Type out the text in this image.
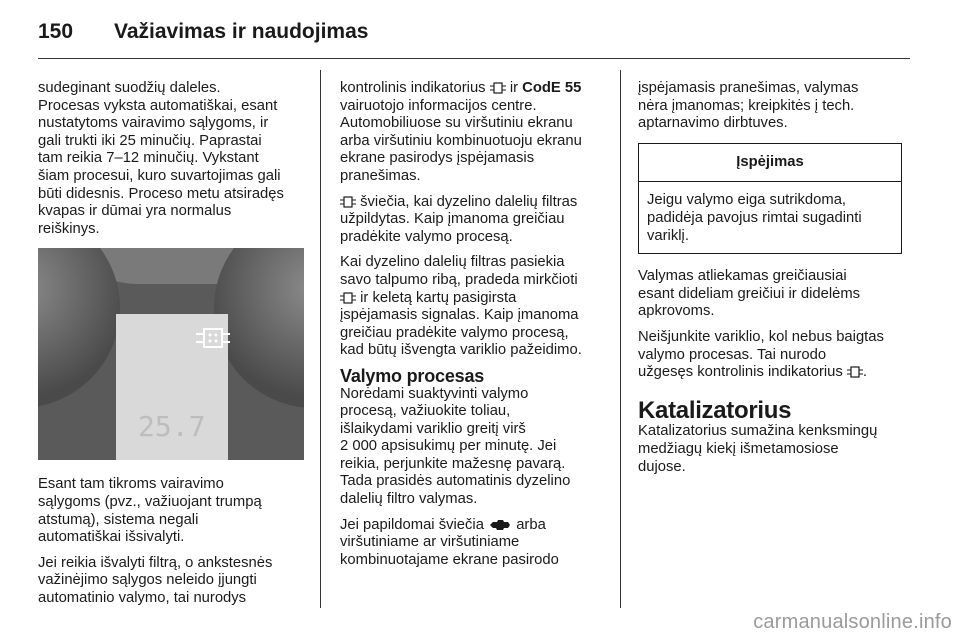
150	Važiavimas ir naudojimas

sudeginant suodžių daleles.
Procesas vyksta automatiškai, esant
nustatytoms vairavimo sąlygoms, ir
gali trukti iki 25 minučių. Paprastai
tam reikia 7–12 minučių. Vykstant
šiam procesui, kuro suvartojimas gali
būti didesnis. Proceso metu atsiradęs
kvapas ir dūmai yra normalus
reiškinys.

25.7

Esant tam tikroms vairavimo
sąlygoms (pvz., važiuojant trumpą
atstumą), sistema negali
automatiškai išsivalyti.

Jei reikia išvalyti filtrą, o ankstesnės
važinėjimo sąlygos neleido įjungti
automatinio valymo, tai nurodys

kontrolinis indikatorius ir CodE 55
vairuotojo informacijos centre.
Automobiliuose su viršutiniu ekranu
arba viršutiniu kombinuotuoju ekranu
ekrane pasirodys įspėjamasis
pranešimas.

šviečia, kai dyzelino dalelių filtras
užpildytas. Kaip įmanoma greičiau
pradėkite valymo procesą.

Kai dyzelino dalelių filtras pasiekia
savo talpumo ribą, pradeda mirkčioti
ir keletą kartų pasigirsta
įspėjamasis signalas. Kaip įmanoma
greičiau pradėkite valymo procesą,
kad būtų išvengta variklio pažeidimo.

Valymo procesas

Norėdami suaktyvinti valymo
procesą, važiuokite toliau,
išlaikydami variklio greitį virš
2 000 apsisukimų per minutę. Jei
reikia, perjunkite mažesnę pavarą.
Tada prasidės automatinis dyzelino
dalelių filtro valymas.

Jei papildomai šviečia arba
viršutiniame ar viršutiniame
kombinuotajame ekrane pasirodo

įspėjamasis pranešimas, valymas
nėra įmanomas; kreipkitės į tech.
aptarnavimo dirbtuves.

Įspėjimas
Jeigu valymo eiga sutrikdoma,
padidėja pavojus rimtai sugadinti
variklį.

Valymas atliekamas greičiausiai
esant dideliam greičiui ir didelėms
apkrovoms.

Neišjunkite variklio, kol nebus baigtas
valymo procesas. Tai nurodo
užgesęs kontrolinis indikatorius .

Katalizatorius

Katalizatorius sumažina kenksmingų
medžiagų kiekį išmetamosiose
dujose.

carmanualsonline.info
